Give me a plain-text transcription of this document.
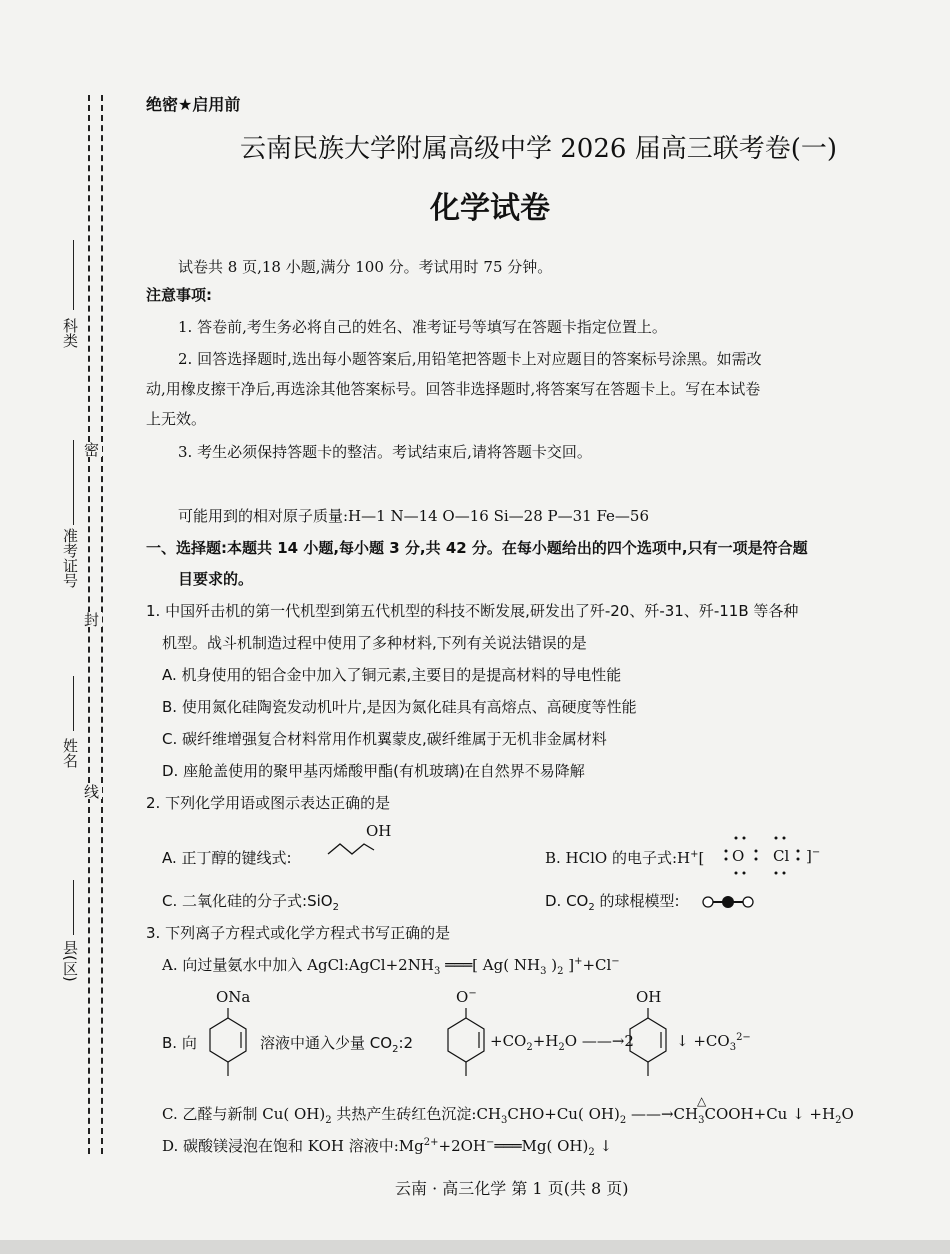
科类
密
准考证号
封
姓名
线
县(区)
绝密★启用前
云南民族大学附属高级中学 2026 届高三联考卷(一)
化学试卷
试卷共 8 页,18 小题,满分 100 分。考试用时 75 分钟。
注意事项:
1. 答卷前,考生务必将自己的姓名、准考证号等填写在答题卡指定位置上。
2. 回答选择题时,选出每小题答案后,用铅笔把答题卡上对应题目的答案标号涂黑。如需改
动,用橡皮擦干净后,再选涂其他答案标号。回答非选择题时,将答案写在答题卡上。写在本试卷
上无效。
3. 考生必须保持答题卡的整洁。考试结束后,请将答题卡交回。
可能用到的相对原子质量:H—1 N—14 O—16 Si—28 P—31 Fe—56
一、选择题:本题共 14 小题,每小题 3 分,共 42 分。在每小题给出的四个选项中,只有一项是符合题
目要求的。
1. 中国歼击机的第一代机型到第五代机型的科技不断发展,研发出了歼-20、歼-31、歼-11B 等各种
机型。战斗机制造过程中使用了多种材料,下列有关说法错误的是
A. 机身使用的铝合金中加入了铜元素,主要目的是提高材料的导电性能
B. 使用氮化硅陶瓷发动机叶片,是因为氮化硅具有高熔点、高硬度等性能
C. 碳纤维增强复合材料常用作机翼蒙皮,碳纤维属于无机非金属材料
D. 座舱盖使用的聚甲基丙烯酸甲酯(有机玻璃)在自然界不易降解
2. 下列化学用语或图示表达正确的是
A. 正丁醇的键线式:
OH
B. HClO 的电子式:H+[ O Cl ]−
C. 二氧化硅的分子式:SiO$_2$	D. $CO_2$ 的球棍模型:
3. 下列离子方程式或化学方程式书写正确的是
A. 向过量氨水中加入 $AgCl:AgCl+2NH_3$ ═══[ Ag( $NH_3$ )$_2$ ]++Cl−
B. 向
ONa
溶液中通入少量 $CO_2:2$
O−
$+CO_2+H_2O$ ——→2
OH
↓ $+CO_3^{2-}$
△
C. 乙醛与新制 Cu( $OH)_2$ 共热产生砖红色沉淀$:CH_3CHO+Cu$( $OH)_2$ $——\to CH_3COOH+Cu$ ↓ $+H_2O$
D. 碳酸镁浸泡在饱和 KOH 溶液中$:Mg^{2+}+2OH^-═══Mg$( $OH)_2$ ↓
云南 · 高三化学 第 1 页(共 8 页)
